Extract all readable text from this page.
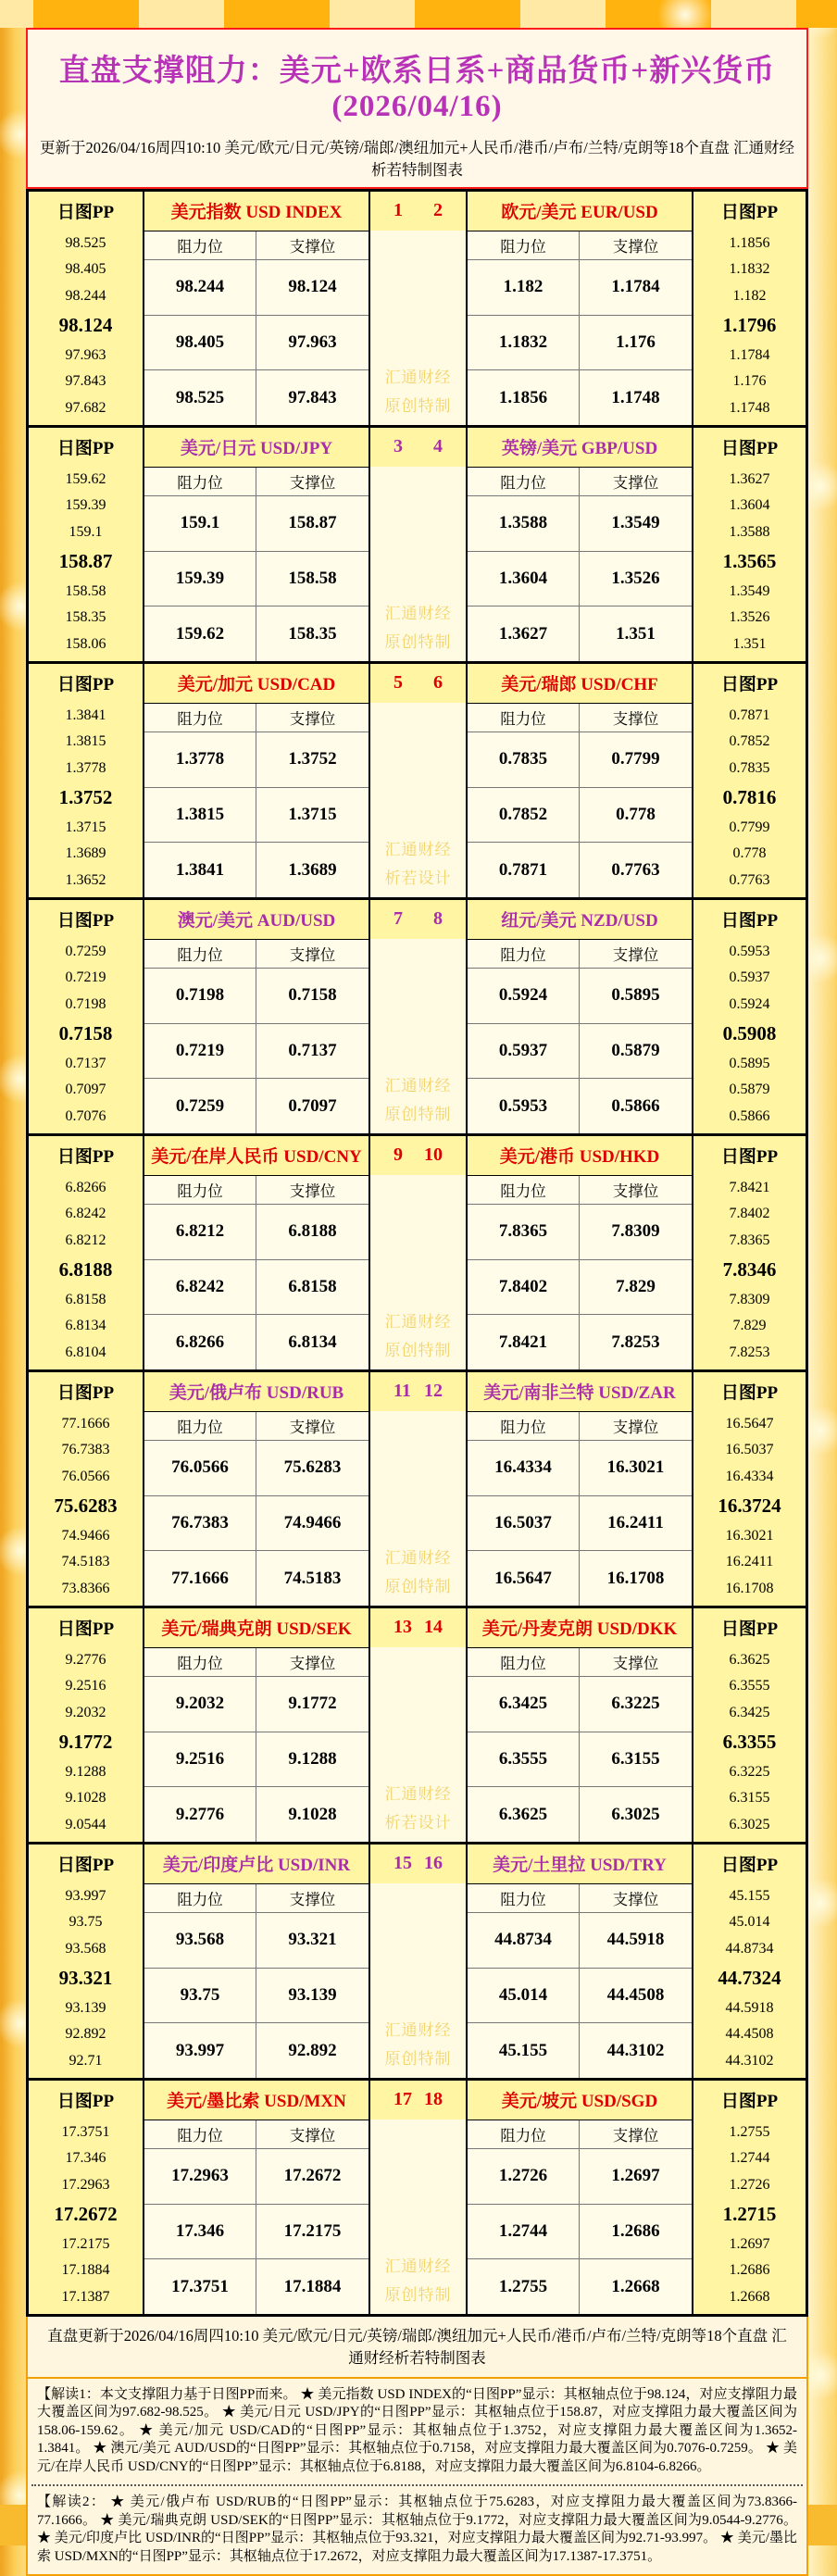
直盘支撑阻力：美元+欧系日系+商品货币+新兴货币(2026/04/16)
更新于2026/04/16周四10:10 美元/欧元/日元/英镑/瑞郎/澳纽加元+人民币/港币/卢布/兰特/克朗等18个直盘 汇通财经析若特制图表
日图PP
98.525
98.405
98.244
98.124
97.963
97.843
97.682
美元指数 USD INDEX
阻力位	支撑位
98.244	98.124
98.405	97.963
98.525	97.843
1 2
汇通财经
原创特制
欧元/美元 EUR/USD
阻力位	支撑位
1.182	1.1784
1.1832	1.176
1.1856	1.1748
日图PP
1.1856
1.1832
1.182
1.1796
1.1784
1.176
1.1748
日图PP
159.62
159.39
159.1
158.87
158.58
158.35
158.06
美元/日元 USD/JPY
阻力位	支撑位
159.1	158.87
159.39	158.58
159.62	158.35
3 4
汇通财经
原创特制
英镑/美元 GBP/USD
阻力位	支撑位
1.3588	1.3549
1.3604	1.3526
1.3627	1.351
日图PP
1.3627
1.3604
1.3588
1.3565
1.3549
1.3526
1.351
日图PP
1.3841
1.3815
1.3778
1.3752
1.3715
1.3689
1.3652
美元/加元 USD/CAD
阻力位	支撑位
1.3778	1.3752
1.3815	1.3715
1.3841	1.3689
5 6
汇通财经
析若设计
美元/瑞郎 USD/CHF
阻力位	支撑位
0.7835	0.7799
0.7852	0.778
0.7871	0.7763
日图PP
0.7871
0.7852
0.7835
0.7816
0.7799
0.778
0.7763
日图PP
0.7259
0.7219
0.7198
0.7158
0.7137
0.7097
0.7076
澳元/美元 AUD/USD
阻力位	支撑位
0.7198	0.7158
0.7219	0.7137
0.7259	0.7097
7 8
汇通财经
原创特制
纽元/美元 NZD/USD
阻力位	支撑位
0.5924	0.5895
0.5937	0.5879
0.5953	0.5866
日图PP
0.5953
0.5937
0.5924
0.5908
0.5895
0.5879
0.5866
日图PP
6.8266
6.8242
6.8212
6.8188
6.8158
6.8134
6.8104
美元/在岸人民币 USD/CNY
阻力位	支撑位
6.8212	6.8188
6.8242	6.8158
6.8266	6.8134
9 10
汇通财经
原创特制
美元/港币 USD/HKD
阻力位	支撑位
7.8365	7.8309
7.8402	7.829
7.8421	7.8253
日图PP
7.8421
7.8402
7.8365
7.8346
7.8309
7.829
7.8253
日图PP
77.1666
76.7383
76.0566
75.6283
74.9466
74.5183
73.8366
美元/俄卢布 USD/RUB
阻力位	支撑位
76.0566	75.6283
76.7383	74.9466
77.1666	74.5183
11 12
汇通财经
原创特制
美元/南非兰特 USD/ZAR
阻力位	支撑位
16.4334	16.3021
16.5037	16.2411
16.5647	16.1708
日图PP
16.5647
16.5037
16.4334
16.3724
16.3021
16.2411
16.1708
日图PP
9.2776
9.2516
9.2032
9.1772
9.1288
9.1028
9.0544
美元/瑞典克朗 USD/SEK
阻力位	支撑位
9.2032	9.1772
9.2516	9.1288
9.2776	9.1028
13 14
汇通财经
析若设计
美元/丹麦克朗 USD/DKK
阻力位	支撑位
6.3425	6.3225
6.3555	6.3155
6.3625	6.3025
日图PP
6.3625
6.3555
6.3425
6.3355
6.3225
6.3155
6.3025
日图PP
93.997
93.75
93.568
93.321
93.139
92.892
92.71
美元/印度卢比 USD/INR
阻力位	支撑位
93.568	93.321
93.75	93.139
93.997	92.892
15 16
汇通财经
原创特制
美元/土里拉 USD/TRY
阻力位	支撑位
44.8734	44.5918
45.014	44.4508
45.155	44.3102
日图PP
45.155
45.014
44.8734
44.7324
44.5918
44.4508
44.3102
日图PP
17.3751
17.346
17.2963
17.2672
17.2175
17.1884
17.1387
美元/墨比索 USD/MXN
阻力位	支撑位
17.2963	17.2672
17.346	17.2175
17.3751	17.1884
17 18
汇通财经
原创特制
美元/坡元 USD/SGD
阻力位	支撑位
1.2726	1.2697
1.2744	1.2686
1.2755	1.2668
日图PP
1.2755
1.2744
1.2726
1.2715
1.2697
1.2686
1.2668
直盘更新于2026/04/16周四10:10 美元/欧元/日元/英镑/瑞郎/澳纽加元+人民币/港币/卢布/兰特/克朗等18个直盘 汇通财经析若特制图表
【解读1：本文支撑阻力基于日图PP而来。 ★ 美元指数 USD INDEX的“日图PP”显示：其枢轴点位于98.124，对应支撑阻力最大覆盖区间为97.682-98.525。 ★ 美元/日元 USD/JPY的“日图PP”显示：其枢轴点位于158.87，对应支撑阻力最大覆盖区间为158.06-159.62。 ★ 美元/加元 USD/CAD的“日图PP”显示：其枢轴点位于1.3752，对应支撑阻力最大覆盖区间为1.3652-1.3841。 ★ 澳元/美元 AUD/USD的“日图PP”显示：其枢轴点位于0.7158，对应支撑阻力最大覆盖区间为0.7076-0.7259。 ★ 美元/在岸人民币 USD/CNY的“日图PP”显示：其枢轴点位于6.8188，对应支撑阻力最大覆盖区间为6.8104-6.8266。
【解读2： ★ 美元/俄卢布 USD/RUB的“日图PP”显示：其枢轴点位于75.6283，对应支撑阻力最大覆盖区间为73.8366-77.1666。 ★ 美元/瑞典克朗 USD/SEK的“日图PP”显示：其枢轴点位于9.1772，对应支撑阻力最大覆盖区间为9.0544-9.2776。 ★ 美元/印度卢比 USD/INR的“日图PP”显示：其枢轴点位于93.321，对应支撑阻力最大覆盖区间为92.71-93.997。 ★ 美元/墨比索 USD/MXN的“日图PP”显示：其枢轴点位于17.2672，对应支撑阻力最大覆盖区间为17.1387-17.3751。
